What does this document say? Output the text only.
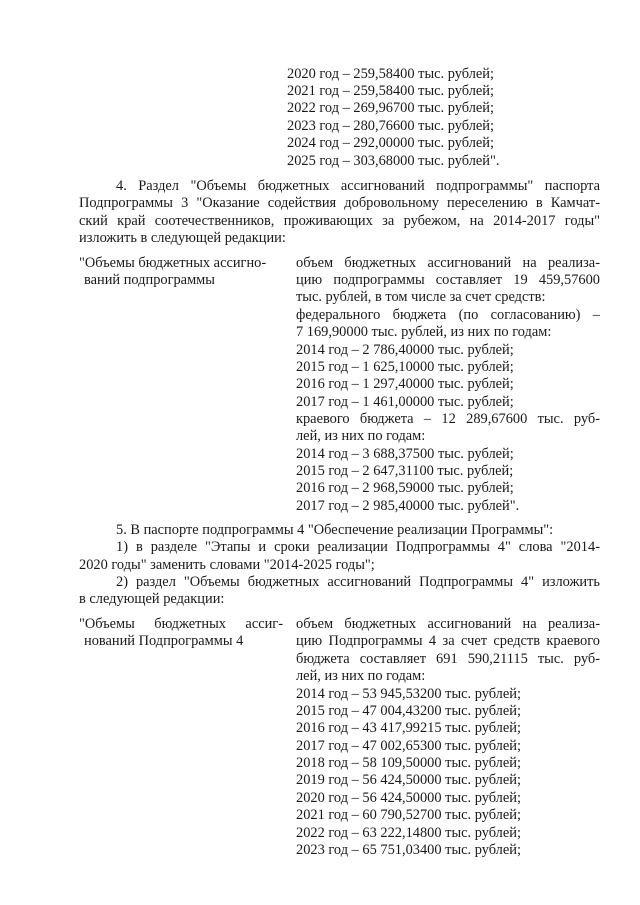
2020 год – 259,58400 тыс. рублей;
2021 год – 259,58400 тыс. рублей;
2022 год – 269,96700 тыс. рублей;
2023 год – 280,76600 тыс. рублей;
2024 год – 292,00000 тыс. рублей;
2025 год – 303,68000 тыс. рублей".
4. Раздел "Объемы бюджетных ассигнований подпрограммы" паспорта
Подпрограммы 3 "Оказание содействия добровольному переселению в Камчат-
ский край соотечественников, проживающих за рубежом, на 2014-2017 годы"
изложить в следующей редакции:
"Объемы бюджетных ассигно-
ваний подпрограммы
объем бюджетных ассигнований на реализа-
цию подпрограммы составляет 19 459,57600
тыс. рублей, в том числе за счет средств:
федерального бюджета (по согласованию) –
7 169,90000 тыс. рублей, из них по годам:
2014 год – 2 786,40000 тыс. рублей;
2015 год – 1 625,10000 тыс. рублей;
2016 год – 1 297,40000 тыс. рублей;
2017 год – 1 461,00000 тыс. рублей;
краевого бюджета – 12 289,67600 тыс. руб-
лей, из них по годам:
2014 год – 3 688,37500 тыс. рублей;
2015 год – 2 647,31100 тыс. рублей;
2016 год – 2 968,59000 тыс. рублей;
2017 год – 2 985,40000 тыс. рублей".
5. В паспорте подпрограммы 4 "Обеспечение реализации Программы":
1) в разделе "Этапы и сроки реализации Подпрограммы 4" слова "2014-
2020 годы" заменить словами "2014-2025 годы";
2) раздел "Объемы бюджетных ассигнований Подпрограммы 4" изложить
в следующей редакции:
"Объемы бюджетных ассиг-
нований Подпрограммы 4
объем бюджетных ассигнований на реализа-
цию Подпрограммы 4 за счет средств краевого
бюджета составляет 691 590,21115 тыс. руб-
лей, из них по годам:
2014 год – 53 945,53200 тыс. рублей;
2015 год – 47 004,43200 тыс. рублей;
2016 год – 43 417,99215 тыс. рублей;
2017 год – 47 002,65300 тыс. рублей;
2018 год – 58 109,50000 тыс. рублей;
2019 год – 56 424,50000 тыс. рублей;
2020 год – 56 424,50000 тыс. рублей;
2021 год – 60 790,52700 тыс. рублей;
2022 год – 63 222,14800 тыс. рублей;
2023 год – 65 751,03400 тыс. рублей;
